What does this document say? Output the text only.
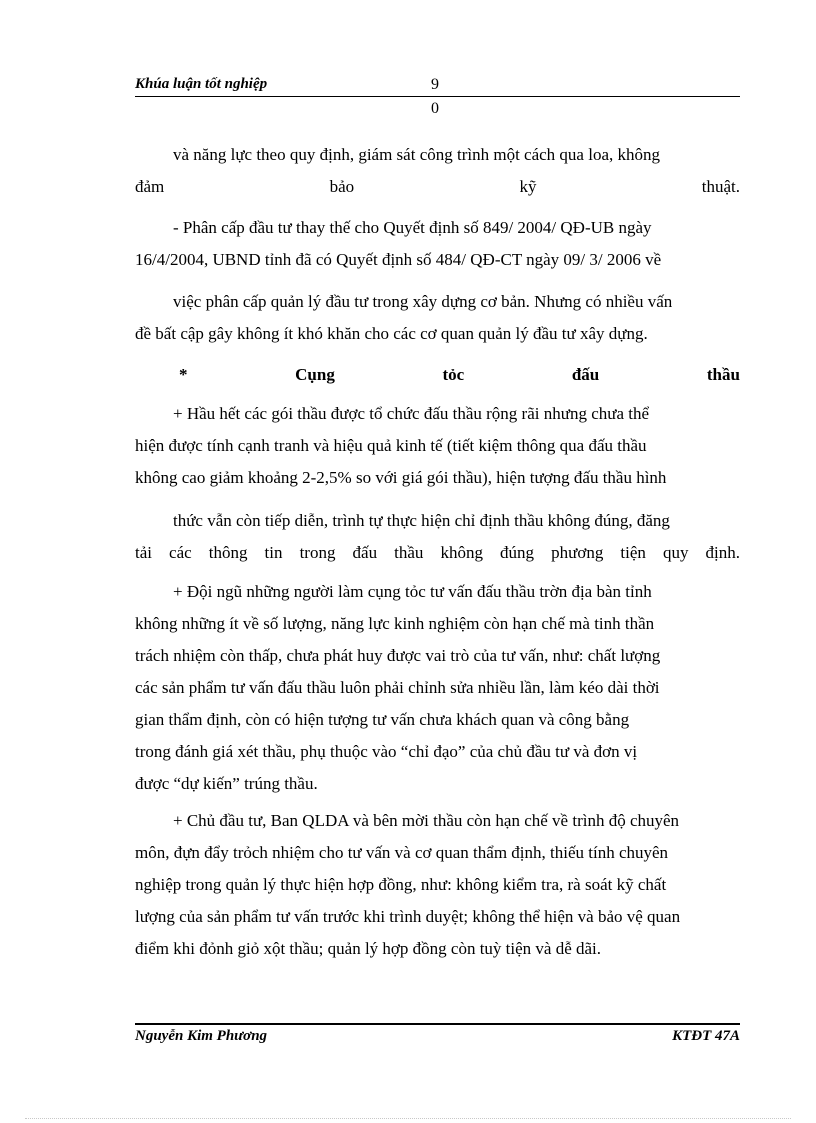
Khúa luận tốt nghiệp	9
0
và năng lực theo quy định, giám sát công trình một cách qua loa, không
đảm bảo kỹ thuật.
- Phân cấp đầu tư thay thế cho Quyết định số 849/ 2004/ QĐ-UB ngày
16/4/2004, UBND tỉnh đã có Quyết định số 484/ QĐ-CT ngày 09/ 3/ 2006 về
việc phân cấp quản lý đầu tư trong xây dựng cơ bản. Nhưng có nhiều vấn
đề bất cập gây không ít khó khăn cho các cơ quan quản lý đầu tư xây dựng.
*	Cụng	tỏc	đấu	thầu
+ Hầu hết các gói thầu được tổ chức đấu thầu rộng rãi nhưng chưa thể
hiện được tính cạnh tranh và hiệu quả kinh tế (tiết kiệm thông qua đấu thầu
không cao giảm khoảng 2-2,5% so với giá gói thầu), hiện tượng đấu thầu hình
thức vẫn còn tiếp diễn, trình tự thực hiện chỉ định thầu không đúng, đăng
tải các thông tin trong đấu thầu không đúng phương tiện quy định.
+ Đội ngũ những người làm cụng tỏc tư vấn đấu thầu trờn địa bàn tỉnh
không những ít về số lượng, năng lực kinh nghiệm còn hạn chế mà tinh thần
trách nhiệm còn thấp, chưa phát huy được vai trò của tư vấn, như: chất lượng
các sản phẩm tư vấn đấu thầu luôn phải chỉnh sửa nhiều lần, làm kéo dài thời
gian thẩm định, còn có hiện tượng tư vấn chưa khách quan và công bằng
trong đánh giá xét thầu, phụ thuộc vào “chỉ đạo” của chủ đầu tư và đơn vị
được “dự kiến” trúng thầu.
+ Chủ đầu tư, Ban QLDA và bên mời thầu còn hạn chế về trình độ chuyên
môn, đựn đẩy trỏch nhiệm cho tư vấn và cơ quan thẩm định, thiếu tính chuyên
nghiệp trong quản lý thực hiện hợp đồng, như: không kiểm tra, rà soát kỹ chất
lượng của sản phẩm tư vấn trước khi trình duyệt; không thể hiện và bảo vệ quan
điểm khi đỏnh giỏ xột thầu; quản lý hợp đồng còn tuỳ tiện và dễ dãi.
Nguyễn Kim Phương	KTĐT 47A
